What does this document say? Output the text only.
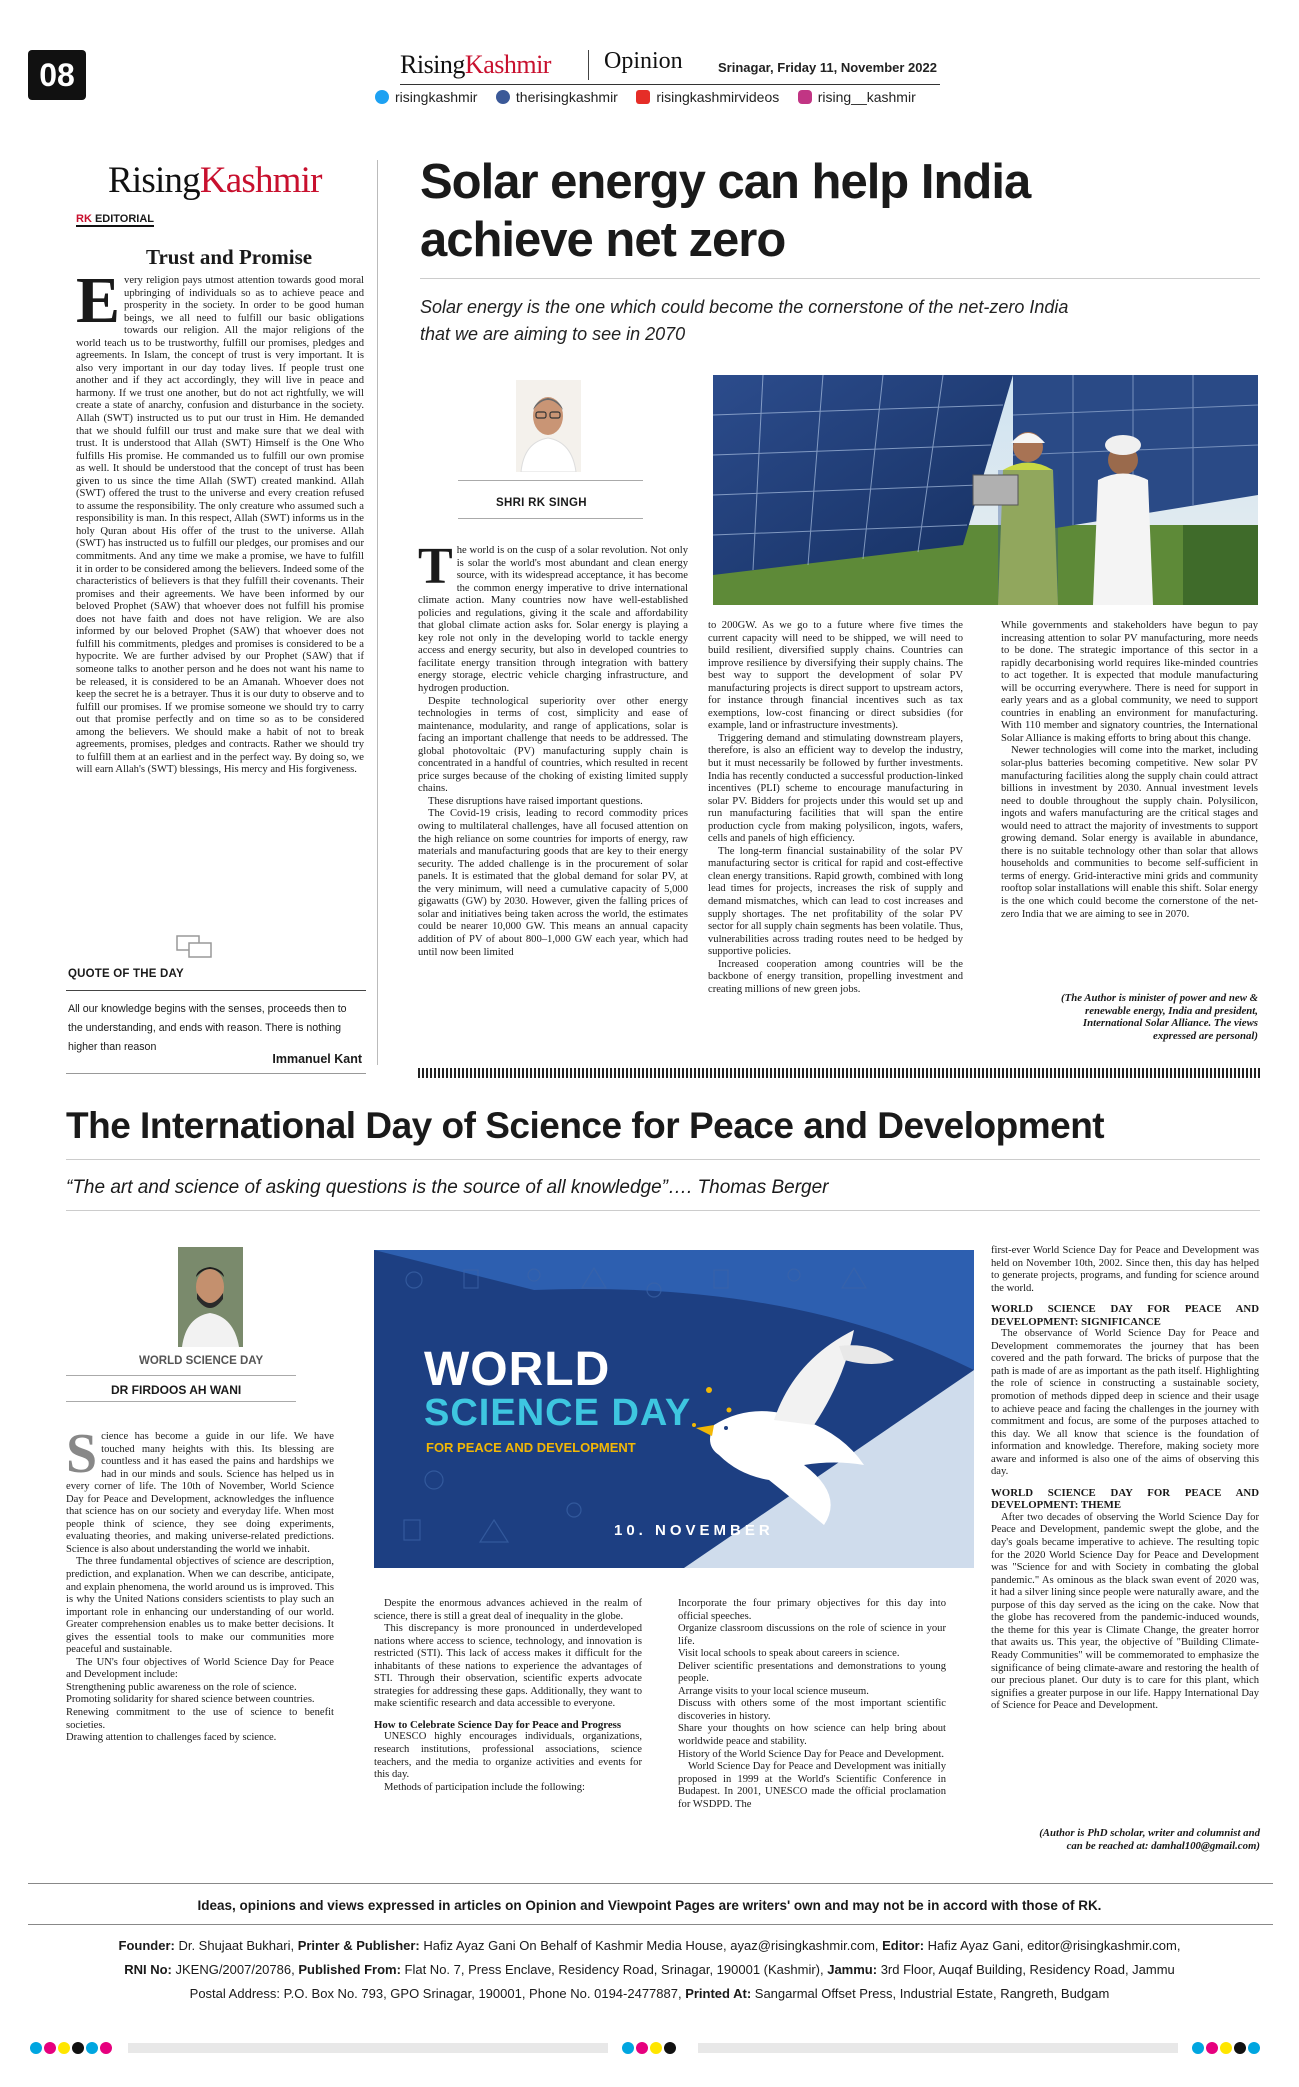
08	RisingKashmir Opinion	Srinagar, Friday 11, November 2022
risingkashmir
	therisingkashmir
	risingkashmirvideos
	rising__kashmir
RisingKashmir
RK EDITORIAL
Trust and Promise
E very religion pays utmost attention towards good moral upbringing of individuals so as to achieve peace and prosperity in the society. In order to be good human beings, we all need to fulfill our basic obligations towards our religion. All the major religions of the world teach us to be trustworthy, fulfill our promises, pledges and agreements. In Islam, the concept of trust is very important. It is also very important in our day today lives. If people trust one another and if they act accordingly, they will live in peace and harmony. If we trust one another, but do not act rightfully, we will create a state of anarchy, confusion and disturbance in the society. Allah (SWT) instructed us to put our trust in Him. He demanded that we should fulfill our trust and make sure that we deal with trust. It is understood that Allah (SWT) Himself is the One Who fulfills His promise. He commanded us to fulfill our own promise as well. It should be understood that the concept of trust has been given to us since the time Allah (SWT) created mankind. Allah (SWT) offered the trust to the universe and every creation refused to assume the responsibility. The only creature who assumed such a responsibility is man. In this respect, Allah (SWT) informs us in the holy Quran about His offer of the trust to the universe. Allah (SWT) has instructed us to fulfill our pledges, our promises and our commitments. And any time we make a promise, we have to fulfill it in order to be considered among the believers. Indeed some of the characteristics of believers is that they fulfill their covenants. Their promises and their agreements. We have been informed by our beloved Prophet (SAW) that whoever does not fulfill his promise does not have faith and does not have religion. We are also informed by our beloved Prophet (SAW) that whoever does not fulfill his commitments, pledges and promises is considered to be a hypocrite. We are further advised by our Prophet (SAW) that if someone talks to another person and he does not want his name to be released, it is considered to be an Amanah. Whoever does not keep the secret he is a betrayer. Thus it is our duty to observe and to fulfill our promises. If we promise someone we should try to carry out that promise perfectly and on time so as to be considered among the believers. We should make a habit of not to break agreements, promises, pledges and contracts. Rather we should try to fulfill them at an earliest and in the perfect way. By doing so, we will earn Allah's (SWT) blessings, His mercy and His forgiveness.
QUOTE OF THE DAY
All our knowledge begins with the senses, proceeds then to the understanding, and ends with reason. There is nothing higher than reason
Immanuel Kant
Solar energy can help India
achieve net zero
Solar energy is the one which could become the cornerstone of the net-zero India that we are aiming to see in 2070
SHRI RK SINGH

The world is on the cusp of a solar revolution. Not only is solar the world's most abundant and clean energy source, with its widespread acceptance, it has become the common energy imperative to drive international climate action. Many countries now have well-established policies and regulations, giving it the scale and affordability that global climate action asks for. Solar energy is playing a key role not only in the developing world to tackle energy access and energy security, but also in developed countries to facilitate energy transition through integration with battery energy storage, electric vehicle charging infrastructure, and hydrogen production.

Despite technological superiority over other energy technologies in terms of cost, simplicity and ease of maintenance, modularity, and range of applications, solar is facing an important challenge that needs to be addressed. The global photovoltaic (PV) manufacturing supply chain is concentrated in a handful of countries, which resulted in recent price surges because of the choking of existing limited supply chains.

These disruptions have raised important questions.

The Covid-19 crisis, leading to record commodity prices owing to multilateral challenges, have all focused attention on the high reliance on some countries for imports of energy, raw materials and manufacturing goods that are key to their energy security. The added challenge is in the procurement of solar panels. It is estimated that the global demand for solar PV, at the very minimum, will need a cumulative capacity of 5,000 gigawatts (GW) by 2030. However, given the falling prices of solar and initiatives being taken across the world, the estimates could be nearer 10,000 GW. This means an annual capacity addition of PV of about 800–1,000 GW each year, which had until now been limited

to 200GW. As we go to a future where five times the current capacity will need to be shipped, we will need to build resilient, diversified supply chains. Countries can improve resilience by diversifying their supply chains. The best way to support the development of solar PV manufacturing projects is direct support to upstream actors, for instance through financial incentives such as tax exemptions, low-cost financing or direct subsidies (for example, land or infrastructure investments).

Triggering demand and stimulating downstream players, therefore, is also an efficient way to develop the industry, but it must necessarily be followed by further investments. India has recently conducted a successful production-linked incentives (PLI) scheme to encourage manufacturing in solar PV. Bidders for projects under this would set up and run manufacturing facilities that will span the entire production cycle from making polysilicon, ingots, wafers, cells and panels of high efficiency.

The long-term financial sustainability of the solar PV manufacturing sector is critical for rapid and cost-effective clean energy transitions. Rapid growth, combined with long lead times for projects, increases the risk of supply and demand mismatches, which can lead to cost increases and supply shortages. The net profitability of the solar PV sector for all supply chain segments has been volatile. Thus, vulnerabilities across trading routes need to be hedged by supportive policies.

Increased cooperation among countries will be the backbone of energy transition, propelling investment and creating millions of new green jobs.

While governments and stakeholders have begun to pay increasing attention to solar PV manufacturing, more needs to be done. The strategic importance of this sector in a rapidly decarbonising world requires like-minded countries to act together. It is expected that module manufacturing will be occurring everywhere. There is need for support in early years and as a global community, we need to support countries in enabling an environment for manufacturing. With 110 member and signatory countries, the International Solar Alliance is making efforts to bring about this change.

Newer technologies will come into the market, including solar-plus batteries becoming competitive. New solar PV manufacturing facilities along the supply chain could attract billions in investment by 2030. Annual investment levels need to double throughout the supply chain. Polysilicon, ingots and wafers manufacturing are the critical stages and would need to attract the majority of investments to support growing demand. Solar energy is available in abundance, there is no suitable technology other than solar that allows households and communities to become self-sufficient in terms of energy. Grid-interactive mini grids and community rooftop solar installations will enable this shift. Solar energy is the one which could become the cornerstone of the net-zero India that we are aiming to see in 2070.

(The Author is minister of power and new & renewable energy, India and president, International Solar Alliance. The views expressed are personal)
The International Day of Science for Peace and Development
“The art and science of asking questions is the source of all knowledge”…. Thomas Berger
WORLD SCIENCE DAY
DR FIRDOOS AH WANI	WORLD
SCIENCE DAY
FOR PEACE AND DEVELOPMENT
10. NOVEMBER

Science has become a guide in our life. We have touched many heights with this. Its blessing are countless and it has eased the pains and hardships we had in our minds and souls. Science has helped us in every corner of life. The 10th of November, World Science Day for Peace and Development, acknowledges the influence that science has on our society and everyday life. When most people think of science, they see doing experiments, evaluating theories, and making universe-related predictions. Science is also about understanding the world we inhabit.

The three fundamental objectives of science are description, prediction, and explanation. When we can describe, anticipate, and explain phenomena, the world around us is improved. This is why the United Nations considers scientists to play such an important role in enhancing our understanding of our world. Greater comprehension enables us to make better decisions. It gives the essential tools to make our communities more peaceful and sustainable.

The UN's four objectives of World Science Day for Peace and Development include:

Strengthening public awareness on the role of science.

Promoting solidarity for shared science between countries.

Renewing commitment to the use of science to benefit societies.

Drawing attention to challenges faced by science.

Despite the enormous advances achieved in the realm of science, there is still a great deal of inequality in the globe.

This discrepancy is more pronounced in underdeveloped nations where access to science, technology, and innovation is restricted (STI). This lack of access makes it difficult for the inhabitants of these nations to experience the advantages of STI. Through their observation, scientific experts advocate strategies for addressing these gaps. Additionally, they want to make scientific research and data accessible to everyone.

How to Celebrate Science Day for Peace and Progress

UNESCO highly encourages individuals, organizations, research institutions, professional associations, science teachers, and the media to organize activities and events for this day.

Methods of participation include the following:

Incorporate the four primary objectives for this day into official speeches.

Organize classroom discussions on the role of science in your life.

Visit local schools to speak about careers in science.

Deliver scientific presentations and demonstrations to young people.

Arrange visits to your local science museum.

Discuss with others some of the most important scientific discoveries in history.

Share your thoughts on how science can help bring about worldwide peace and stability.

History of the World Science Day for Peace and Development.

World Science Day for Peace and Development was initially proposed in 1999 at the World's Scientific Conference in Budapest. In 2001, UNESCO made the official proclamation for WSDPD. The

first-ever World Science Day for Peace and Development was held on November 10th, 2002. Since then, this day has helped to generate projects, programs, and funding for science around the world.

WORLD SCIENCE DAY FOR PEACE AND DEVELOPMENT: SIGNIFICANCE

The observance of World Science Day for Peace and Development commemorates the journey that has been covered and the path forward. The bricks of purpose that the path is made of are as important as the path itself. Highlighting the role of science in constructing a sustainable society, promotion of methods dipped deep in science and their usage to achieve peace and facing the challenges in the journey with commitment and focus, are some of the purposes attached to this day. We all know that science is the foundation of information and knowledge. Therefore, making society more aware and informed is also one of the aims of observing this day.

WORLD SCIENCE DAY FOR PEACE AND DEVELOPMENT: THEME

After two decades of observing the World Science Day for Peace and Development, pandemic swept the globe, and the day's goals became imperative to achieve. The resulting topic for the 2020 World Science Day for Peace and Development was "Science for and with Society in combating the global pandemic." As ominous as the black swan event of 2020 was, it had a silver lining since people were naturally aware, and the purpose of this day served as the icing on the cake. Now that the globe has recovered from the pandemic-induced wounds, the theme for this year is Climate Change, the greater horror that awaits us. This year, the objective of "Building Climate-Ready Communities" will be commemorated to emphasize the significance of being climate-aware and restoring the health of our precious planet. Our duty is to care for this plant, which signifies a greater purpose in our life. Happy International Day of Science for Peace and Development.

(Author is PhD scholar, writer and columnist and can be reached at: damhal100@gmail.com)
Ideas, opinions and views expressed in articles on Opinion and Viewpoint Pages are writers' own and may not be in accord with those of RK.
Founder: Dr. Shujaat Bukhari, Printer & Publisher: Hafiz Ayaz Gani On Behalf of Kashmir Media House, ayaz@risingkashmir.com, Editor: Hafiz Ayaz Gani, editor@risingkashmir.com,
RNI No: JKENG/2007/20786, Published From: Flat No. 7, Press Enclave, Residency Road, Srinagar, 190001 (Kashmir), Jammu: 3rd Floor, Auqaf Building, Residency Road, Jammu
Postal Address: P.O. Box No. 793, GPO Srinagar, 190001, Phone No. 0194-2477887, Printed At: Sangarmal Offset Press, Industrial Estate, Rangreth, Budgam
